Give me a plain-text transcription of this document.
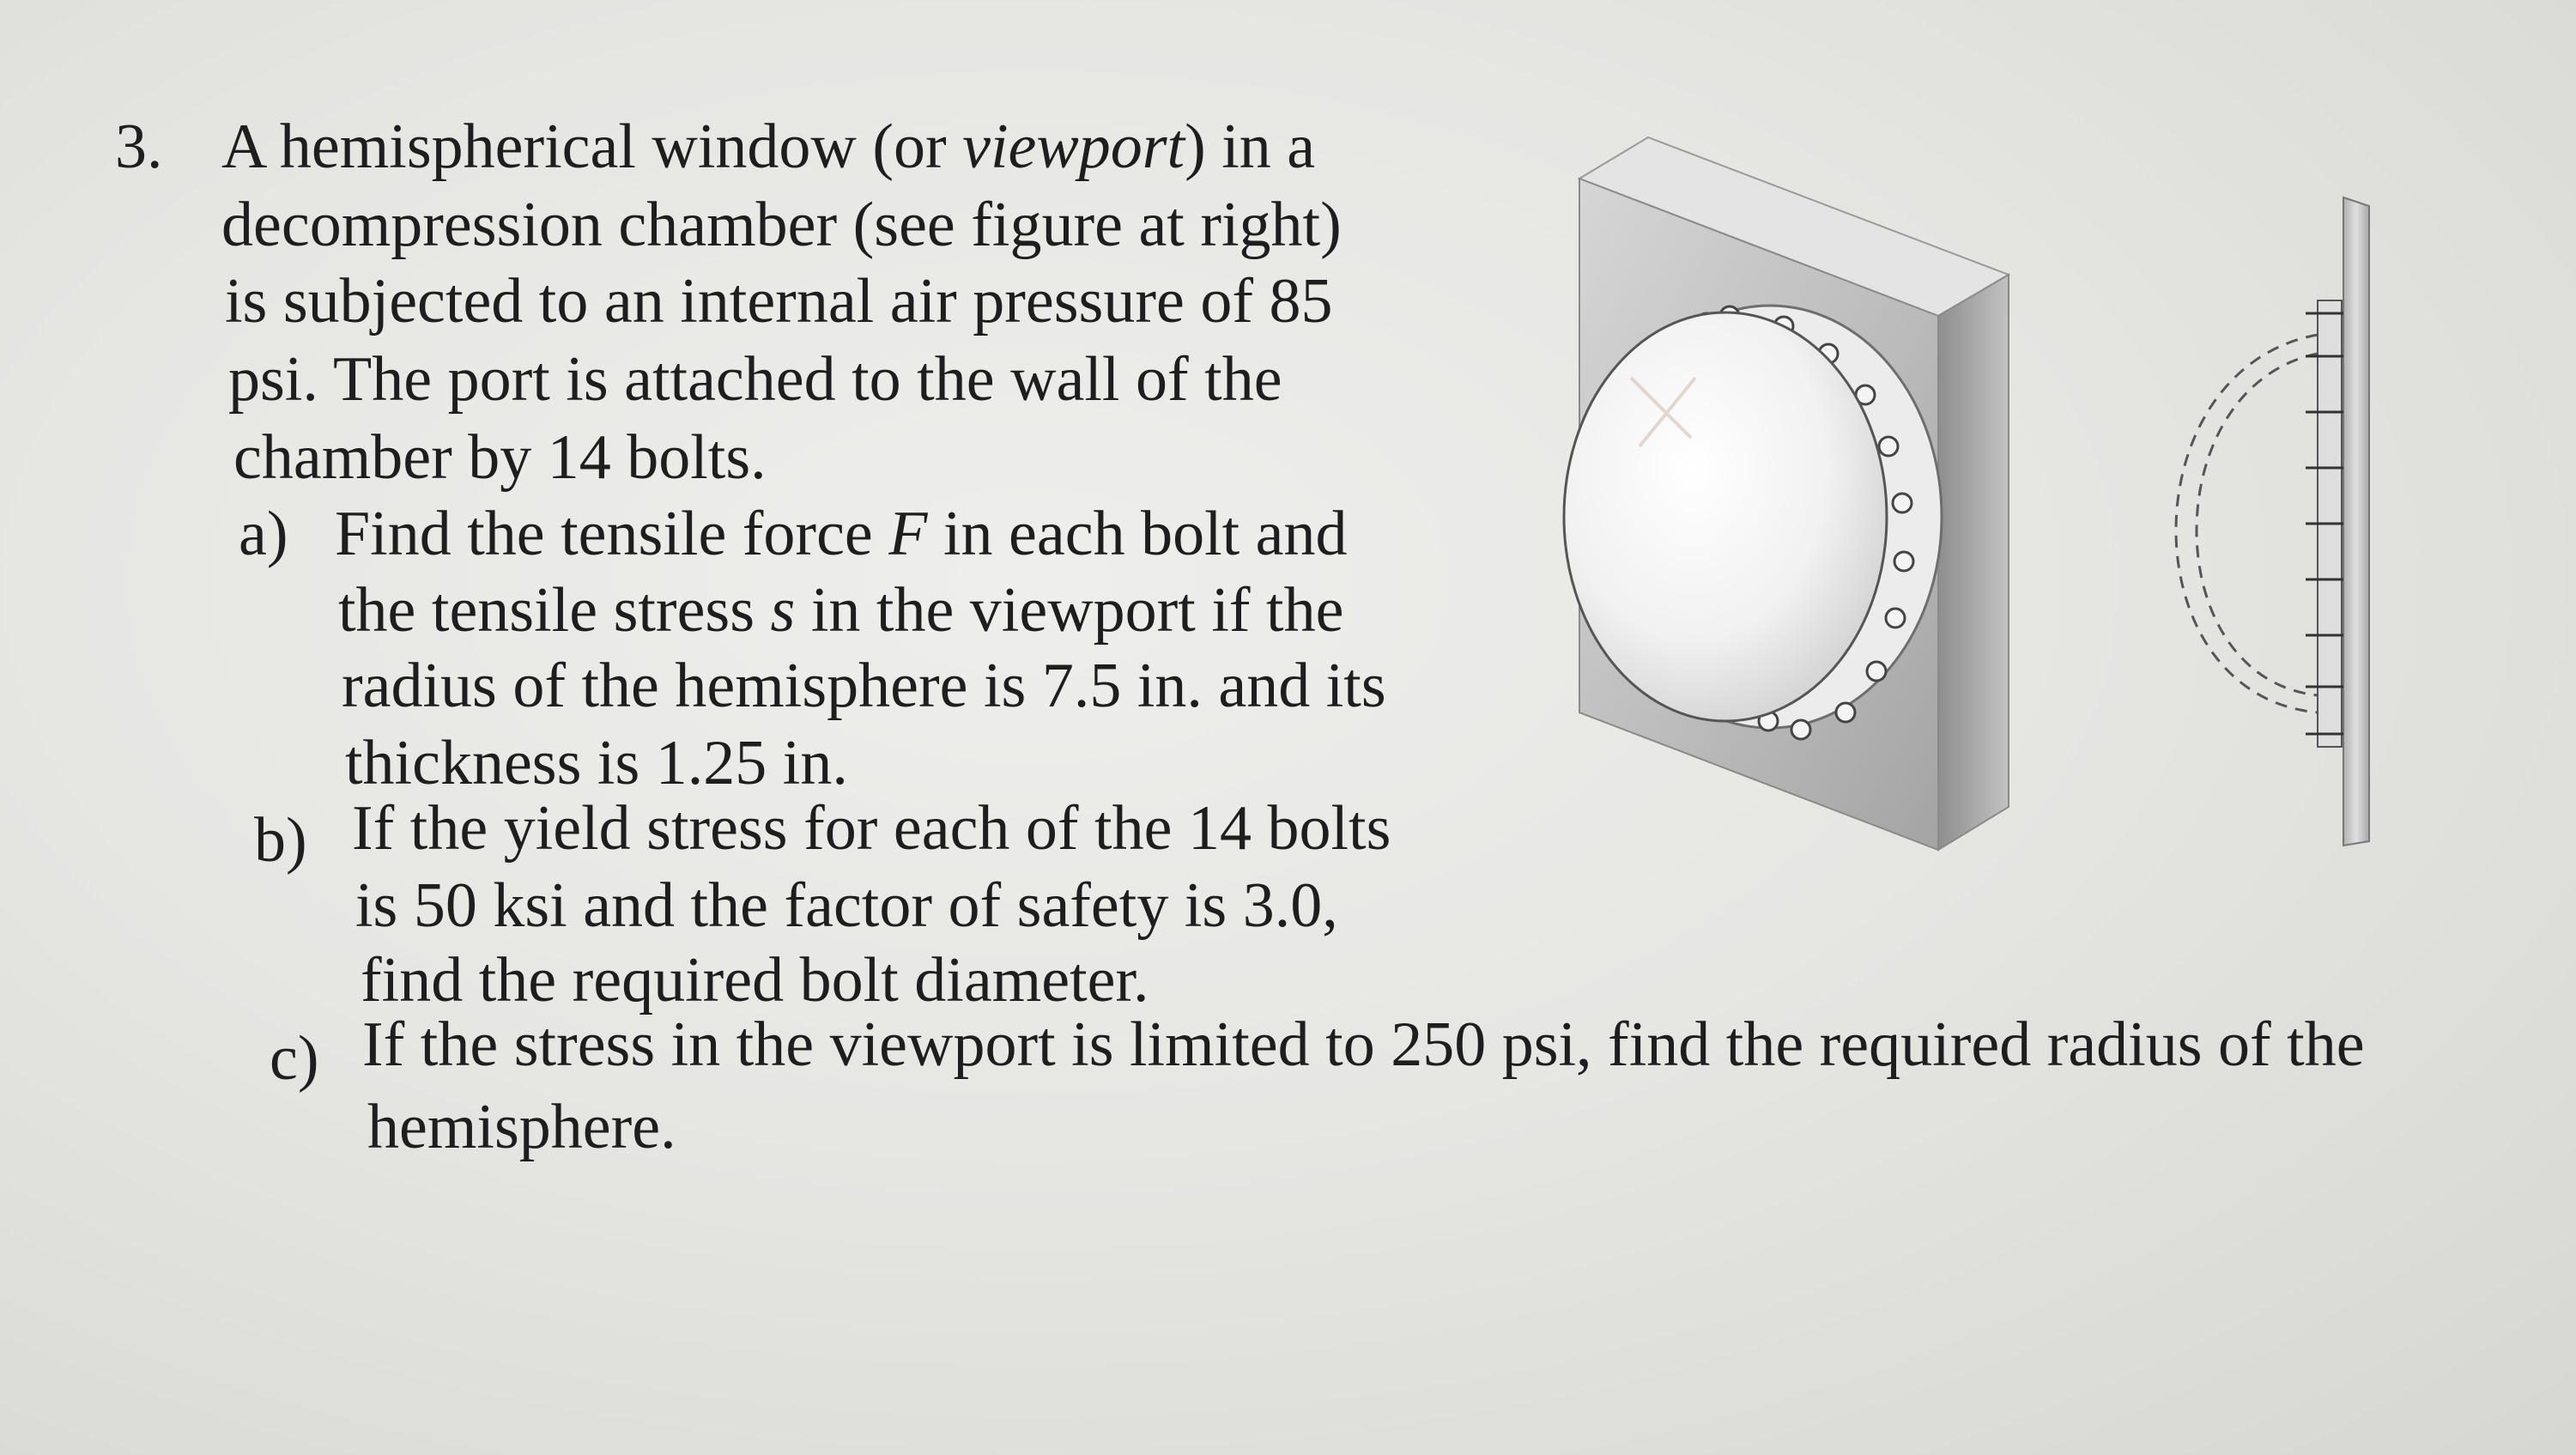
3. A hemispherical window (or viewport) in a

decompression chamber (see figure at right)

is subjected to an internal air pressure of 85

psi. The port is attached to the wall of the

chamber by 14 bolts.

a) Find the tensile force F in each bolt and

the tensile stress s in the viewport if the

radius of the hemisphere is 7.5 in. and its

thickness is 1.25 in.

b) If the yield stress for each of the 14 bolts

is 50 ksi and the factor of safety is 3.0,

find the required bolt diameter.

c) If the stress in the viewport is limited to 250 psi, find the required radius of the

hemisphere.
